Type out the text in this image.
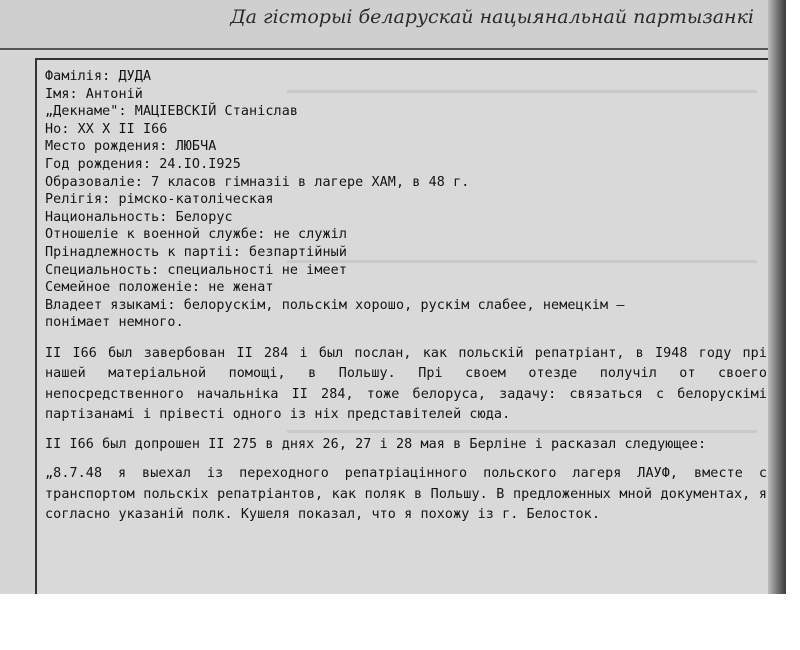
Да гісторыі беларускай нацыянальнай партызанкі
Фамілія: ДУДА
Імя: Антоній
„Декнаме": МАЦІЕВСКІЙ Станіслав
Но: ХХ Х II I66
Место рождения: ЛЮБЧА
Год рождения: 24.IO.I925
Образоваліе: 7 класов гімназіі в лагере ХАМ, в 48 г.
Релігія: рімско-католіческая
Национальность: Белорус
Отношеліе к военной службе: не служіл
Прінадлежность к партіі: безпартійный
Специальность: специальності не імеет
Семейное положеніе: не женат
Владеет языкамі: белорускім, польскім хорошо, рускім слабее, немецкім –
понімает немного.
II I66 был завербован II 284 і был послан, как польскій репатріант, в I948 году прі нашей матеріальной помощі, в Польшу. Прі своем отезде получіл от своего непосредственного начальніка II 284, тоже белоруса, задачу: связаться с белорускімі партізанамі і прівесті одного із ніх представітелей сюда.
II I66 был допрошен II 275 в днях 26, 27 і 28 мая в Берліне і расказал следующее:
„8.7.48 я выехал із переходного репатріацінного польского лагеря ЛАУФ, вместе с транспортом польскіх репатріантов, как поляк в Польшу. В предложенных мной документах, я согласно указаній полк. Кушеля показал, что я похожу із г. Белосток.
